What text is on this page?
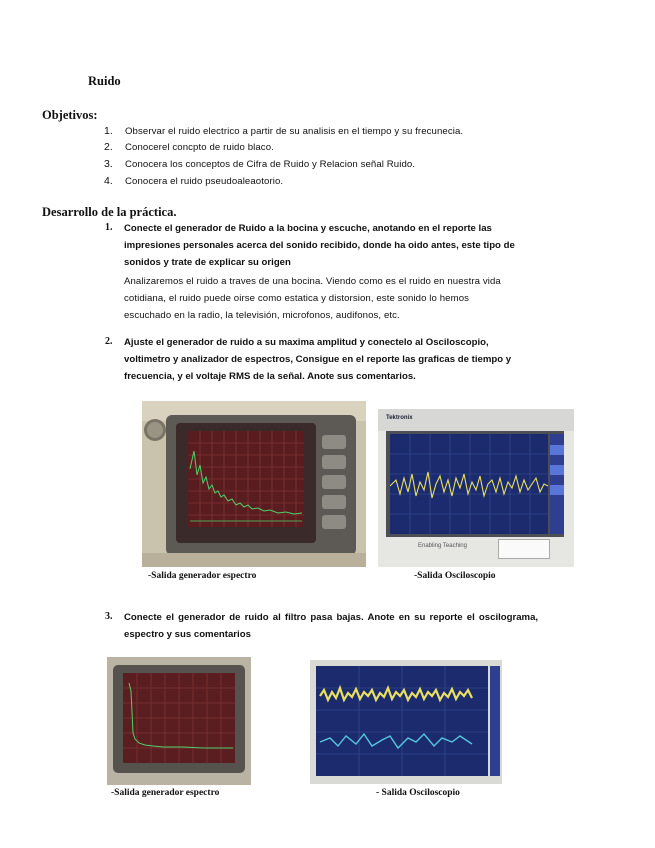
Ruido
Objetivos:
1. Observar el ruido electrico a partir de su analisis en el tiempo y su frecunecia.
2. Conocerel concpto de ruido blaco.
3. Conocera los conceptos de Cifra de Ruido y Relacion señal Ruido.
4. Conocera el ruido pseudoaleaotorio.
Desarrollo de la práctica.
1. Conecte el generador de Ruido a la bocina y escuche, anotando en el reporte las
impresiones personales acerca del sonido recibido, donde ha oido antes, este tipo de
sonidos y trate de explicar su origen
Analizaremos el ruido a traves de una bocina. Viendo como es el ruido en nuestra vida
cotidiana, el ruido puede oirse como estatica y distorsion, este sonido lo hemos
escuchado en la radio, la televisión, microfonos, audifonos, etc.
2. Ajuste el generador de ruido a su maxima amplitud y conectelo al Osciloscopio,
voltimetro y analizador de espectros, Consigue en el reporte las graficas de tiempo y
frecuencia, y el voltaje RMS de la señal. Anote sus comentarios.
Tektronix
Enabling Teaching
-Salida generador espectro	-Salida Osciloscopio
3. Conecte el generador de ruido al filtro pasa bajas. Anote en su reporte el oscilograma,
espectro y sus comentarios
-Salida generador espectro	- Salida Osciloscopio
